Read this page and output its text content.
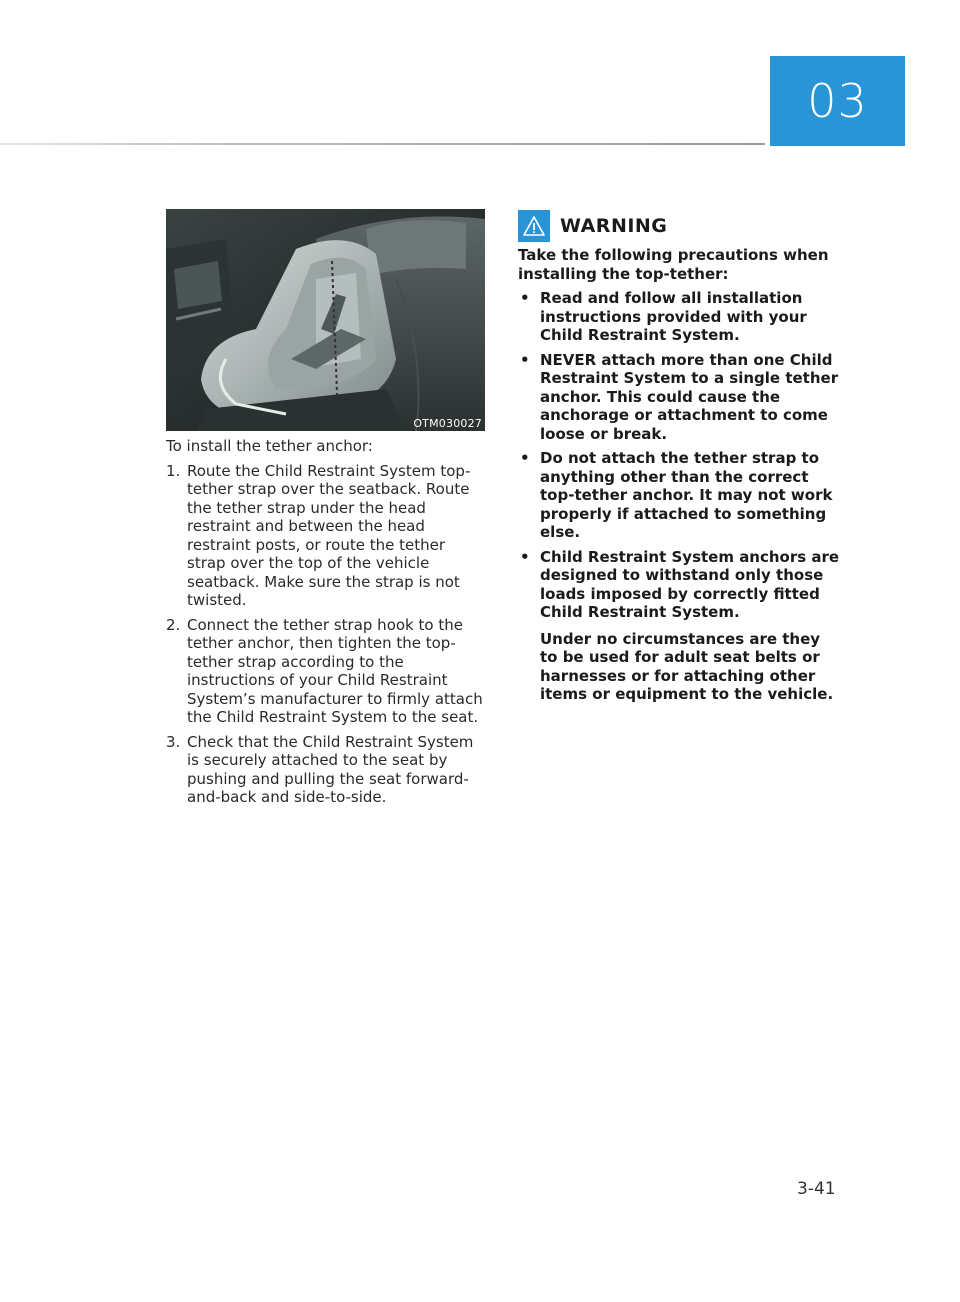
03
OTM030027

To install the tether anchor:

1. Route the Child Restraint System top-tether strap over the seatback. Route the tether strap under the head restraint and between the head restraint posts, or route the tether strap over the top of the vehicle seatback. Make sure the strap is not twisted.
2. Connect the tether strap hook to the tether anchor, then tighten the top-tether strap according to the instructions of your Child Restraint System’s manufacturer to firmly attach the Child Restraint System to the seat.
3. Check that the Child Restraint System is securely attached to the seat by pushing and pulling the seat forward-and-back and side-to-side.
WARNING

Take the following precautions when installing the top-tether:

• Read and follow all installation instructions provided with your Child Restraint System.
• NEVER attach more than one Child Restraint System to a single tether anchor. This could cause the anchorage or attachment to come loose or break.
• Do not attach the tether strap to anything other than the correct top-tether anchor. It may not work properly if attached to something else.
• Child Restraint System anchors are designed to withstand only those loads imposed by correctly fitted Child Restraint System.
Under no circumstances are they to be used for adult seat belts or harnesses or for attaching other items or equipment to the vehicle.
3-41
